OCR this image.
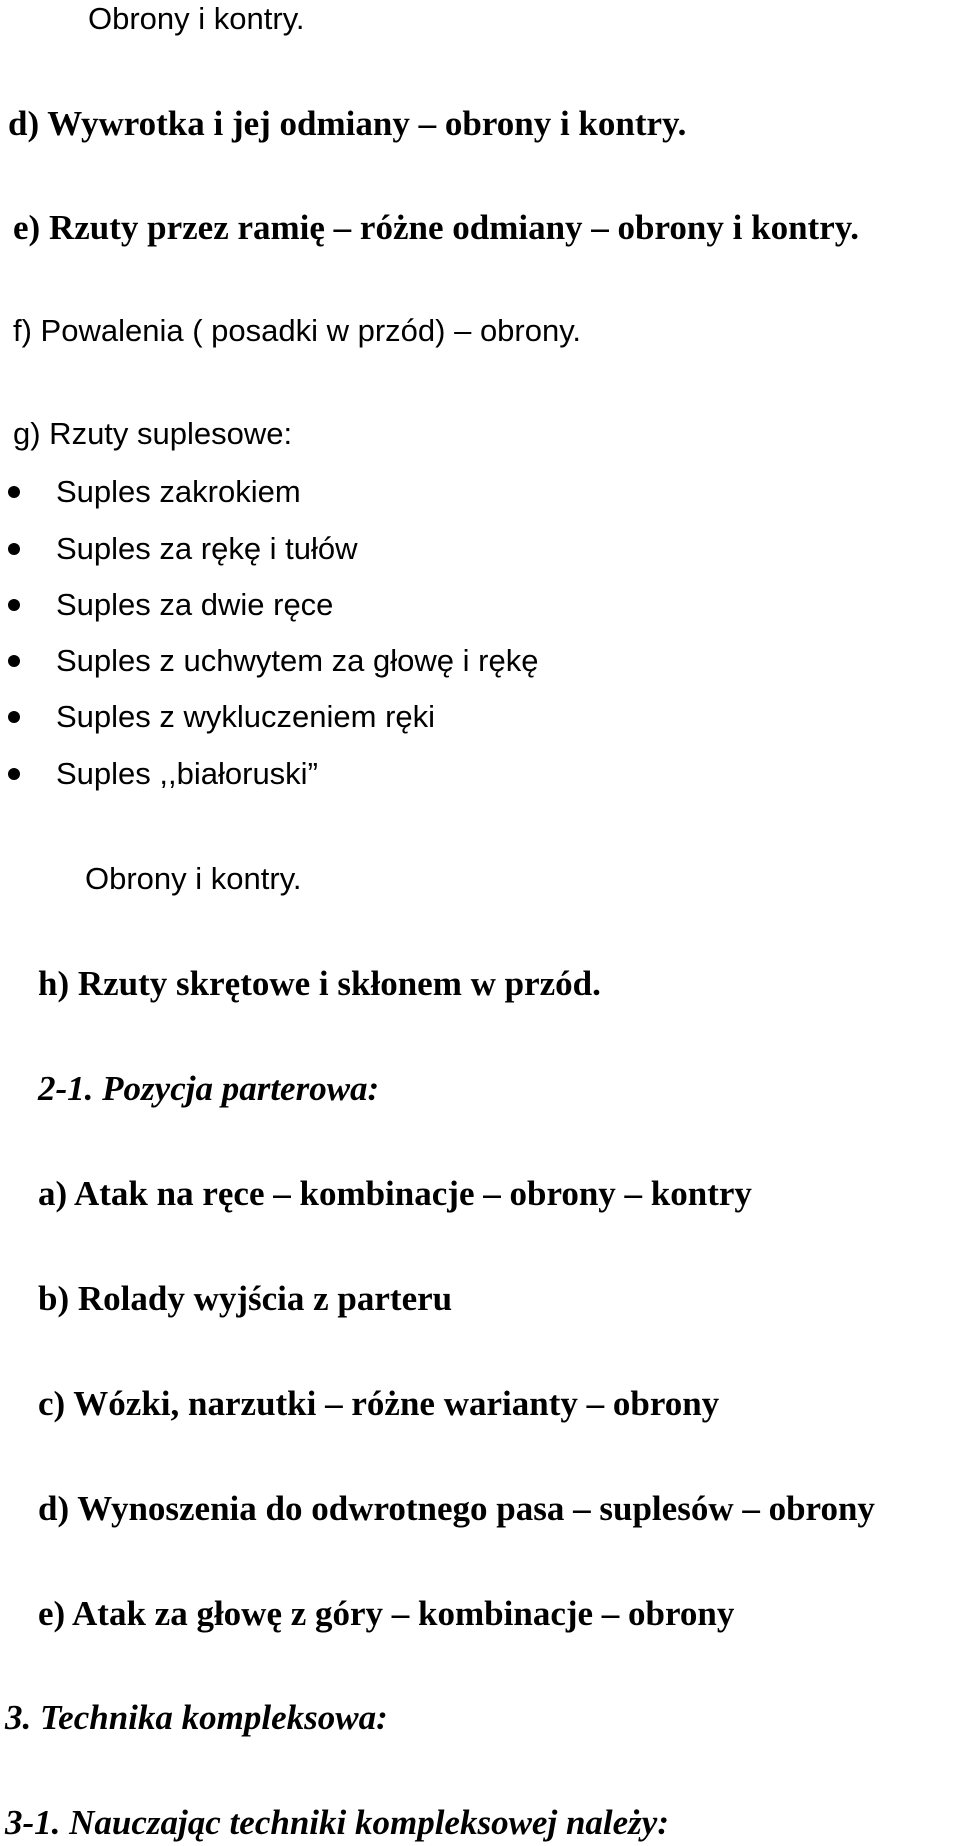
Obrony i kontry.
d) Wywrotka i jej odmiany – obrony i kontry.
e) Rzuty przez ramię – różne odmiany – obrony i kontry.
f) Powalenia ( posadki w przód) – obrony.
g) Rzuty suplesowe:
Suples zakrokiem
Suples za rękę i tułów
Suples za dwie ręce
Suples z uchwytem za głowę i rękę
Suples z wykluczeniem ręki
Suples ,,białoruski”
Obrony i kontry.
h) Rzuty skrętowe i skłonem w przód.
2-1. Pozycja parterowa:
a) Atak na ręce – kombinacje – obrony – kontry
b) Rolady wyjścia z parteru
c) Wózki, narzutki – różne warianty – obrony
d) Wynoszenia do odwrotnego pasa – suplesów – obrony
e) Atak za głowę z góry – kombinacje – obrony
3. Technika kompleksowa:
3-1. Nauczając techniki kompleksowej należy:
